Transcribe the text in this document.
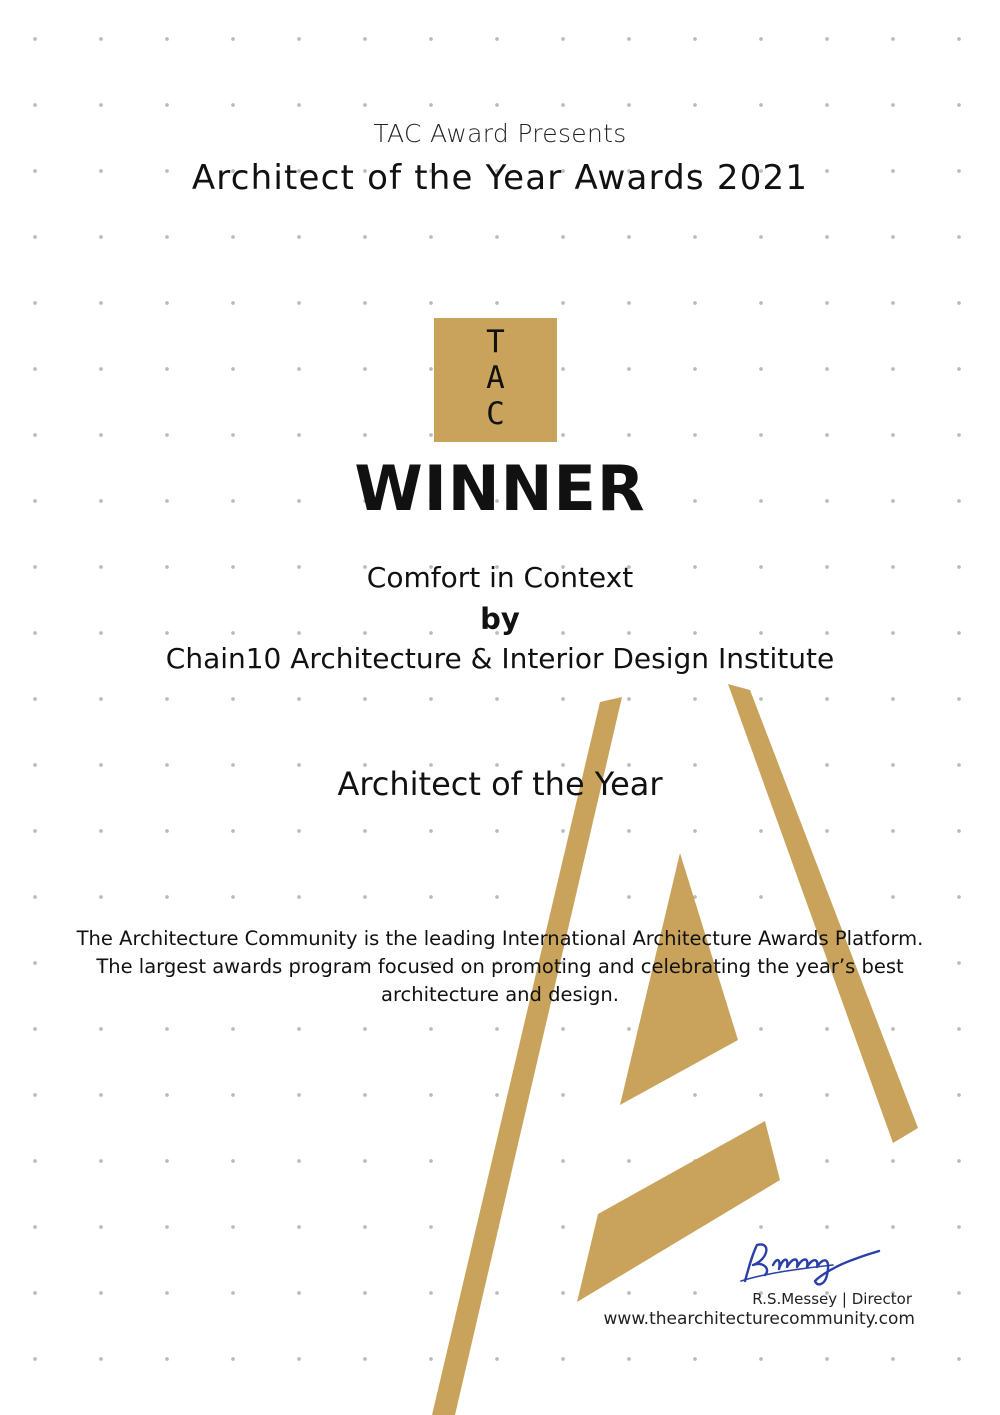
TAC Award Presents
Architect of the Year Awards 2021
T
A
C
WINNER
Comfort in Context
by
Chain10 Architecture & Interior Design Institute
Architect of the Year

The Architecture Community is the leading International Architecture Awards Platform. The largest awards program focused on promoting and celebrating the year’s best architecture and design.

R.S.Messey | Director
www.thearchitecturecommunity.com
